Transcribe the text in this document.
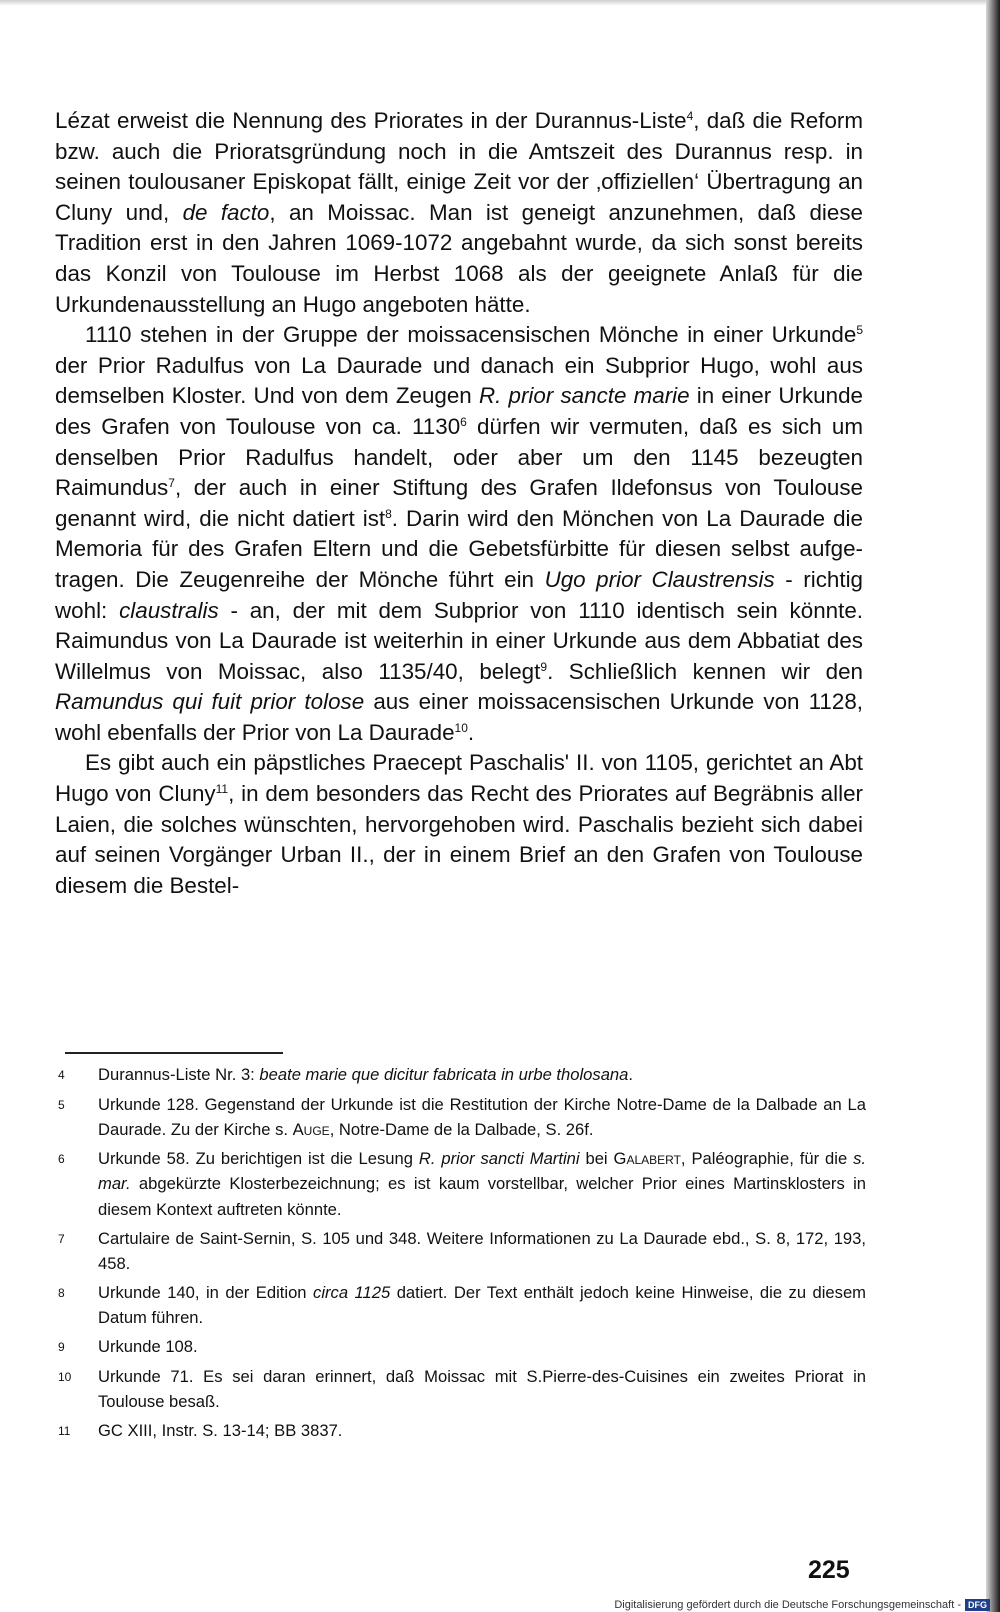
Lézat erweist die Nennung des Priorates in der Durannus-Liste$^4$, daß die Reform bzw. auch die Prioratsgründung noch in die Amtszeit des Durannus resp. in seinen toulousaner Episkopat fällt, einige Zeit vor der ‚offiziellen‘ Übertragung an Cluny und, de facto, an Moissac. Man ist geneigt anzunehmen, daß diese Tradition erst in den Jahren 1069-1072 angebahnt wurde, da sich sonst bereits das Konzil von Toulouse im Herbst 1068 als der geeignete Anlaß für die Urkundenausstellung an Hugo angeboten hätte.

1110 stehen in der Gruppe der moissacensischen Mönche in einer Urkunde$^5$ der Prior Radulfus von La Daurade und danach ein Subprior Hugo, wohl aus demselben Kloster. Und von dem Zeugen R. prior sancte marie in einer Urkunde des Grafen von Toulouse von ca. 1130$^6$ dürfen wir vermuten, daß es sich um denselben Prior Radulfus handelt, oder aber um den 1145 bezeugten Raimundus$^7$, der auch in einer Stiftung des Grafen Ildefonsus von Toulouse genannt wird, die nicht datiert ist$^8$. Darin wird den Mönchen von La Daurade die Memoria für des Grafen Eltern und die Gebetsfürbitte für diesen selbst aufgetragen. Die Zeugenreihe der Mönche führt ein Ugo prior Claustrensis - richtig wohl: claustralis - an, der mit dem Subprior von 1110 identisch sein könnte. Raimundus von La Daurade ist weiterhin in einer Urkunde aus dem Abbatiat des Willelmus von Moissac, also 1135/40, belegt$^9$. Schließlich kennen wir den Ramundus qui fuit prior tolose aus einer moissacensischen Urkunde von 1128, wohl ebenfalls der Prior von La Daurade$^{10}$.

Es gibt auch ein päpstliches Praecept Paschalis' II. von 1105, gerichtet an Abt Hugo von Cluny$^{11}$, in dem besonders das Recht des Priorates auf Begräbnis aller Laien, die solches wünschten, hervorgehoben wird. Paschalis bezieht sich dabei auf seinen Vorgänger Urban II., der in einem Brief an den Grafen von Toulouse diesem die Bestel-

4	Durannus-Liste Nr. 3: beate marie que dicitur fabricata in urbe tholosana.
5	Urkunde 128. Gegenstand der Urkunde ist die Restitution der Kirche Notre-Dame de la Dalbade an La Daurade. Zu der Kirche s. Auge, Notre-Dame de la Dalbade, S. 26f.
6	Urkunde 58. Zu berichtigen ist die Lesung R. prior sancti Martini bei Galabert, Paléographie, für die s. mar. abgekürzte Klosterbezeichnung; es ist kaum vorstellbar, welcher Prior eines Martinsklosters in diesem Kontext auftreten könnte.
7	Cartulaire de Saint-Sernin, S. 105 und 348. Weitere Informationen zu La Daurade ebd., S. 8, 172, 193, 458.
8	Urkunde 140, in der Edition circa 1125 datiert. Der Text enthält jedoch keine Hinweise, die zu diesem Datum führen.
9	Urkunde 108.
10	Urkunde 71. Es sei daran erinnert, daß Moissac mit S.Pierre-des-Cuisines ein zweites Priorat in Toulouse besaß.
11	GC XIII, Instr. S. 13-14; BB 3837.
225
Digitalisierung gefördert durch die Deutsche Forschungsgemeinschaft - DFG
